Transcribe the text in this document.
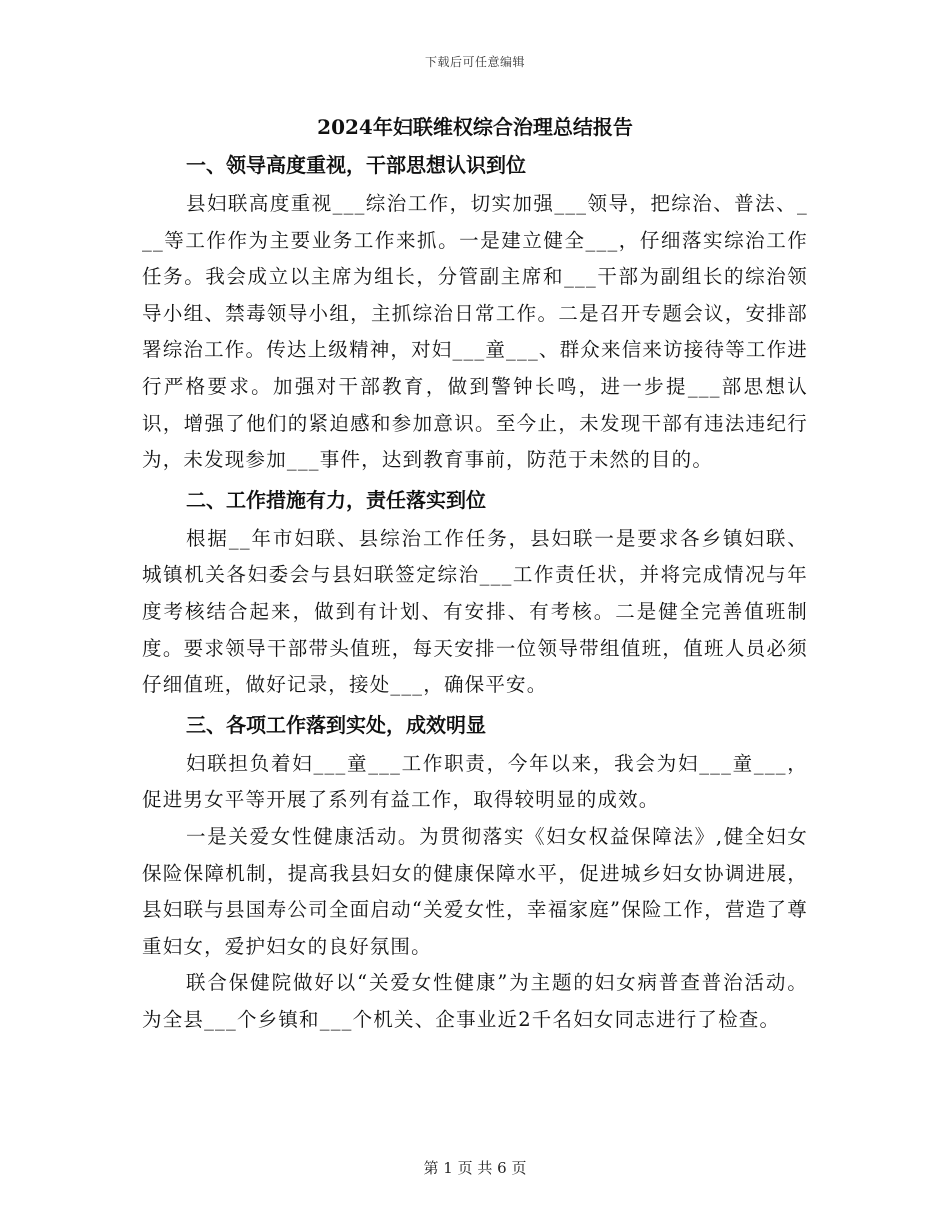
下载后可任意编辑
2024年妇联维权综合治理总结报告
一、领导高度重视，干部思想认识到位

县妇联高度重视___综治工作，切实加强___领导，把综治、普法、___等工作作为主要业务工作来抓。一是建立健全___，仔细落实综治工作任务。我会成立以主席为组长，分管副主席和___干部为副组长的综治领导小组、禁毒领导小组，主抓综治日常工作。二是召开专题会议，安排部署综治工作。传达上级精神，对妇___童___、群众来信来访接待等工作进行严格要求。加强对干部教育，做到警钟长鸣，进一步提___部思想认识，增强了他们的紧迫感和参加意识。至今止，未发现干部有违法违纪行为，未发现参加___事件，达到教育事前，防范于未然的目的。

二、工作措施有力，责任落实到位

根据__年市妇联、县综治工作任务，县妇联一是要求各乡镇妇联、城镇机关各妇委会与县妇联签定综治___工作责任状，并将完成情况与年度考核结合起来，做到有计划、有安排、有考核。二是健全完善值班制度。要求领导干部带头值班，每天安排一位领导带组值班，值班人员必须仔细值班，做好记录，接处___，确保平安。

三、各项工作落到实处，成效明显

妇联担负着妇___童___工作职责，今年以来，我会为妇___童___，促进男女平等开展了系列有益工作，取得较明显的成效。

一是关爱女性健康活动。为贯彻落实《妇女权益保障法》,健全妇女保险保障机制，提高我县妇女的健康保障水平，促进城乡妇女协调进展，县妇联与县国寿公司全面启动“关爱女性，幸福家庭”保险工作，营造了尊重妇女，爱护妇女的良好氛围。

联合保健院做好以“关爱女性健康”为主题的妇女病普查普治活动。为全县___个乡镇和___个机关、企事业近2千名妇女同志进行了检查。

第 1 页 共 6 页
